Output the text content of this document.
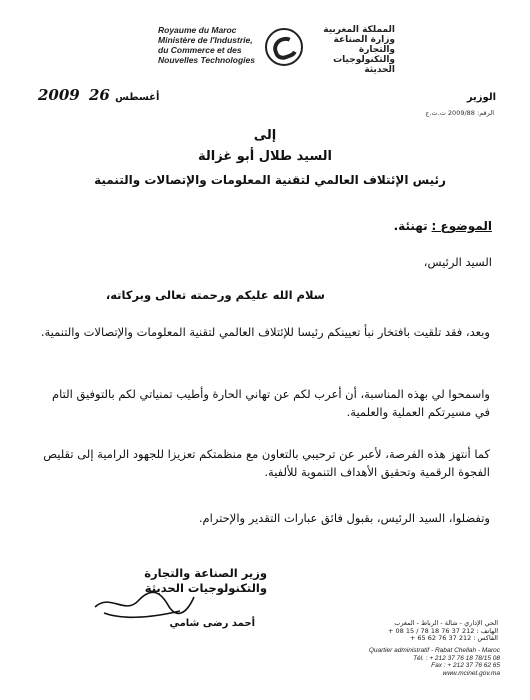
Royaume du Maroc
Ministère de l'Industrie,
du Commerce et des
Nouvelles Technologies
المملكة المغربية
وزارة الصناعة
والتجارة
والتكنولوجيات الحديثة
2009	أغسطس 26	الوزير
الرقم: 2009/88 ت.ت.ج
إلى
السيد طلال أبو غزالة
رئيس الإئتلاف العالمي لتقنية المعلومات والإتصالات والتنمية
الموضوع : تهنئة.
السيد الرئيس،
سلام الله عليكم ورحمته تعالى وبركاته،
وبعد، فقد تلقيت بافتخار نبأ تعيينكم رئيسا للإئتلاف العالمي لتقنية المعلومات والإتصالات والتنمية.
واسمحوا لي بهذه المناسبة، أن أعرب لكم عن تهاني الحارة وأطيب تمنياتي لكم بالتوفيق التام في مسيرتكم العملية والعلمية.
كما أنتهز هذه الفرصة، لأعبر عن ترحيبي بالتعاون مع منظمتكم تعزيزا للجهود الرامية إلى تقليص الفجوة الرقمية وتحقيق الأهداف التنموية للألفية.
وتفضلوا، السيد الرئيس، بقبول فائق عبارات التقدير والإحترام.
وزير الصناعة والتجارة
والتكنولوجيات الحديثة
أحمد رضى شامي	الحي الإداري - شالة - الرباط - المغرب
الهاتف : 212 37 76 18 78 / 15 08 +
الفاكس : 212 37 76 62 65 +
Quartier administratif - Rabat Chellah - Maroc
Tél. : + 212 37 76 18 78/15 08
Fax : + 212 37 76 62 65
www.mcinet.gov.ma
